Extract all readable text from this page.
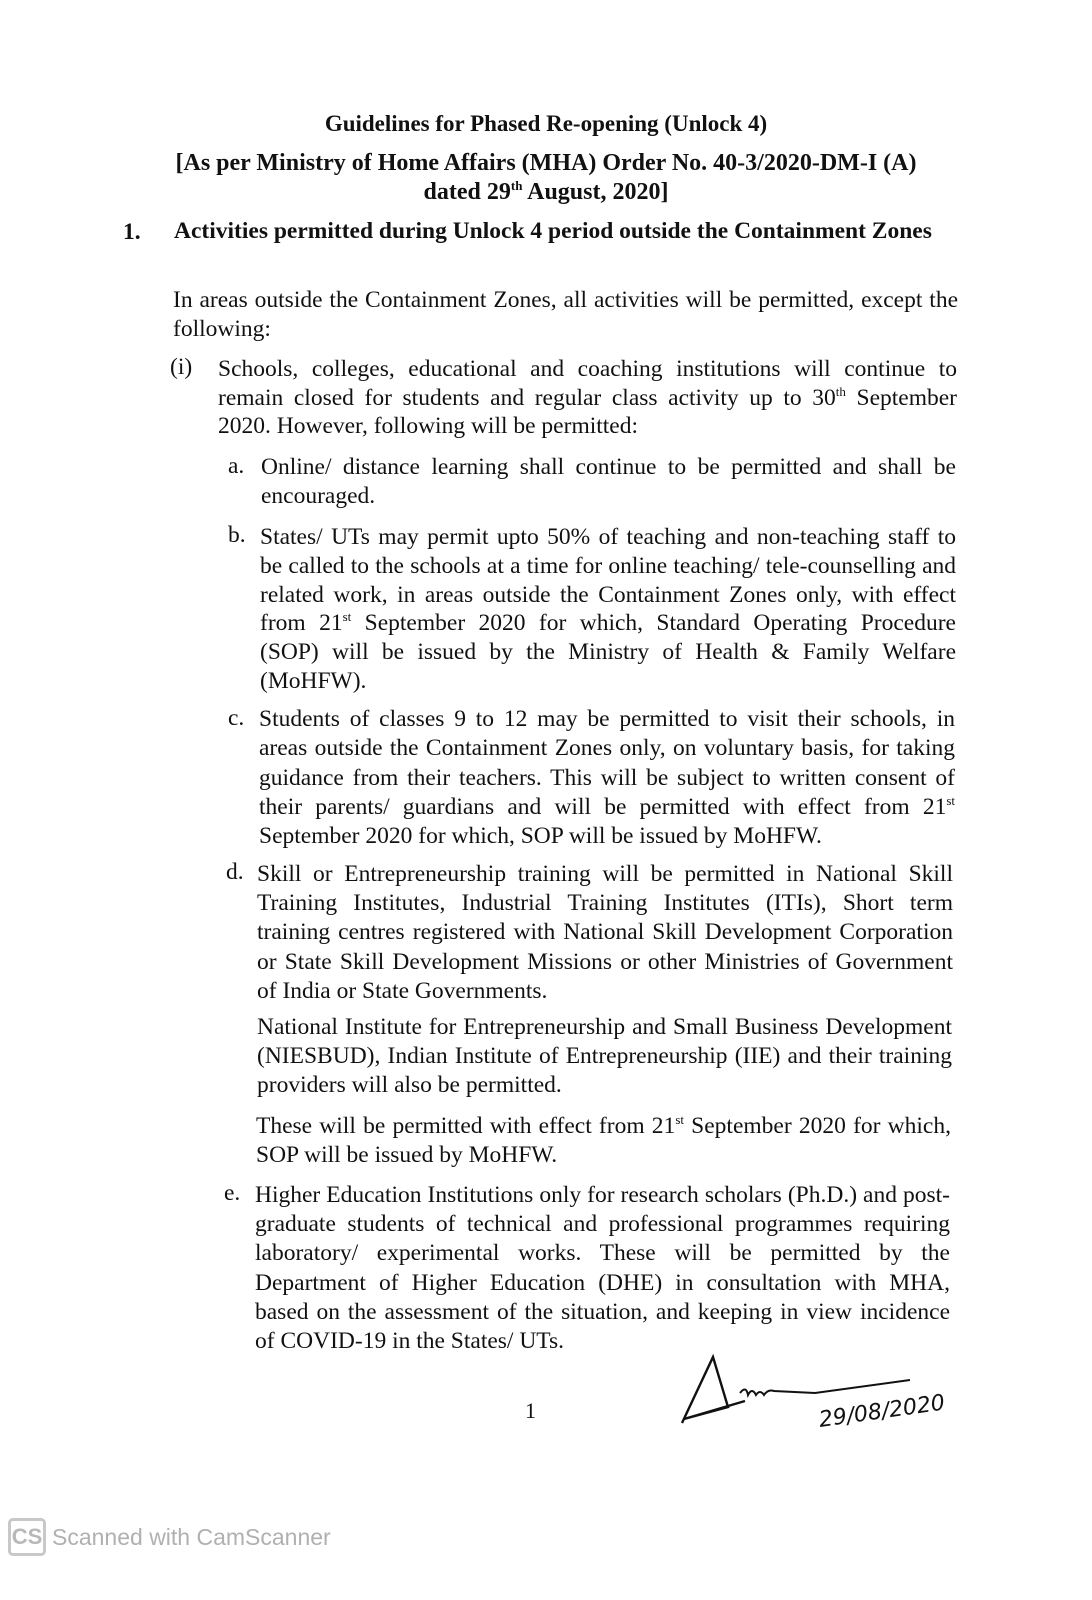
Guidelines for Phased Re-opening (Unlock 4)
[As per Ministry of Home Affairs (MHA) Order No. 40-3/2020-DM-I (A)
dated 29th August, 2020]
1. Activities permitted during Unlock 4 period outside the Containment Zones
In areas outside the Containment Zones, all activities will be permitted, except the following:
(i) Schools, colleges, educational and coaching institutions will continue to remain closed for students and regular class activity up to 30th September 2020. However, following will be permitted:
a. Online/ distance learning shall continue to be permitted and shall be encouraged.
b. States/ UTs may permit upto 50% of teaching and non-teaching staff to be called to the schools at a time for online teaching/ tele-counselling and related work, in areas outside the Containment Zones only, with effect from 21st September 2020 for which, Standard Operating Procedure (SOP) will be issued by the Ministry of Health & Family Welfare (MoHFW).
c. Students of classes 9 to 12 may be permitted to visit their schools, in areas outside the Containment Zones only, on voluntary basis, for taking guidance from their teachers. This will be subject to written consent of their parents/ guardians and will be permitted with effect from 21st September 2020 for which, SOP will be issued by MoHFW.
d. Skill or Entrepreneurship training will be permitted in National Skill Training Institutes, Industrial Training Institutes (ITIs), Short term training centres registered with National Skill Development Corporation or State Skill Development Missions or other Ministries of Government of India or State Governments.
National Institute for Entrepreneurship and Small Business Development (NIESBUD), Indian Institute of Entrepreneurship (IIE) and their training providers will also be permitted.
These will be permitted with effect from 21st September 2020 for which, SOP will be issued by MoHFW.
e. Higher Education Institutions only for research scholars (Ph.D.) and post-graduate students of technical and professional programmes requiring laboratory/ experimental works. These will be permitted by the Department of Higher Education (DHE) in consultation with MHA, based on the assessment of the situation, and keeping in view incidence of COVID-19 in the States/ UTs.
1	29/08/2020
CS Scanned with CamScanner
